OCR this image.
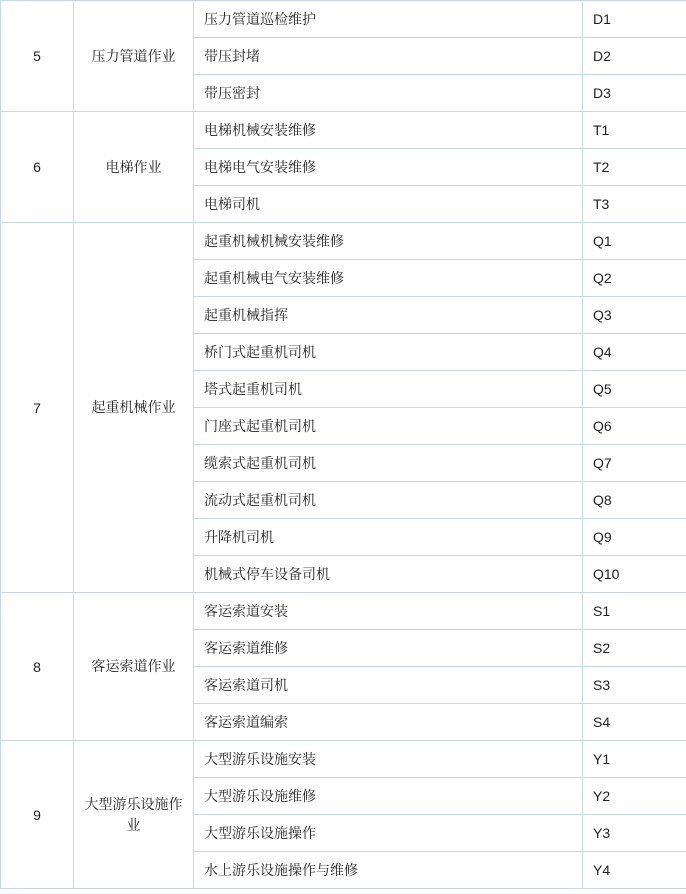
5	压力管道作业	压力管道巡检维护	D1
		带压封堵	D2
		带压密封	D3
6	电梯作业	电梯机械安装维修	T1
		电梯电气安装维修	T2
		电梯司机	T3
7	起重机械作业	起重机械机械安装维修	Q1
		起重机械电气安装维修	Q2
		起重机械指挥	Q3
		桥门式起重机司机	Q4
		塔式起重机司机	Q5
		门座式起重机司机	Q6
		缆索式起重机司机	Q7
		流动式起重机司机	Q8
		升降机司机	Q9
		机械式停车设备司机	Q10
8	客运索道作业	客运索道安装	S1
		客运索道维修	S2
		客运索道司机	S3
		客运索道编索	S4
9	大型游乐设施作业	大型游乐设施安装	Y1
		大型游乐设施维修	Y2
		大型游乐设施操作	Y3
		水上游乐设施操作与维修	Y4
